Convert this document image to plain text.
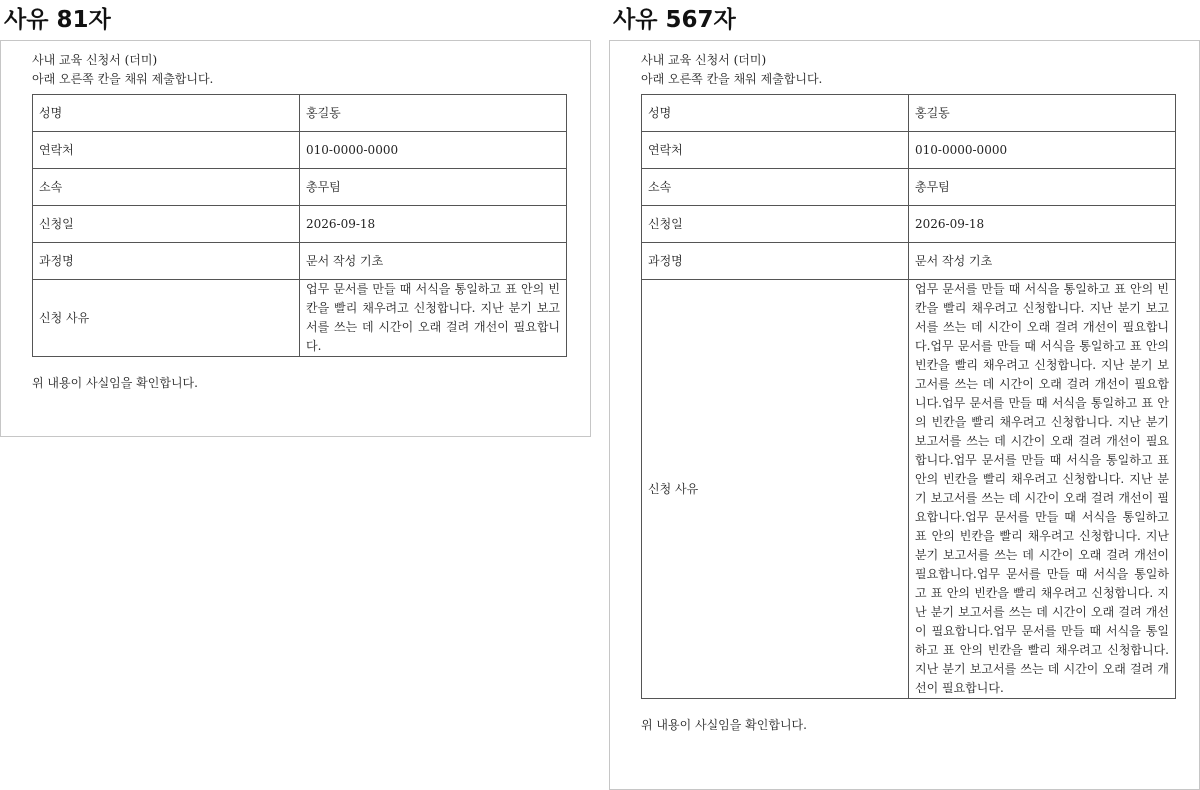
사유 81자

사내 교육 신청서 (더미)

아래 오른쪽 칸을 채워 제출합니다.

성명	홍길동
연락처	010-0000-0000
소속	총무팀
신청일	2026-09-18
과정명	문서 작성 기초
신청 사유	업무 문서를 만들 때 서식을 통일하고 표 안의 빈칸을 빨리 채우려고 신청합니다. 지난 분기 보고서를 쓰는 데 시간이 오래 걸려 개선이 필요합니다.

위 내용이 사실임을 확인합니다.

사유 567자

사내 교육 신청서 (더미)

아래 오른쪽 칸을 채워 제출합니다.

성명	홍길동
연락처	010-0000-0000
소속	총무팀
신청일	2026-09-18
과정명	문서 작성 기초
신청 사유	업무 문서를 만들 때 서식을 통일하고 표 안의 빈칸을 빨리 채우려고 신청합니다. 지난 분기 보고서를 쓰는 데 시간이 오래 걸려 개선이 필요합니다.업무 문서를 만들 때 서식을 통일하고 표 안의 빈칸을 빨리 채우려고 신청합니다. 지난 분기 보고서를 쓰는 데 시간이 오래 걸려 개선이 필요합니다.업무 문서를 만들 때 서식을 통일하고 표 안의 빈칸을 빨리 채우려고 신청합니다. 지난 분기 보고서를 쓰는 데 시간이 오래 걸려 개선이 필요합니다.업무 문서를 만들 때 서식을 통일하고 표 안의 빈칸을 빨리 채우려고 신청합니다. 지난 분기 보고서를 쓰는 데 시간이 오래 걸려 개선이 필요합니다.업무 문서를 만들 때 서식을 통일하고 표 안의 빈칸을 빨리 채우려고 신청합니다. 지난 분기 보고서를 쓰는 데 시간이 오래 걸려 개선이 필요합니다.업무 문서를 만들 때 서식을 통일하고 표 안의 빈칸을 빨리 채우려고 신청합니다. 지난 분기 보고서를 쓰는 데 시간이 오래 걸려 개선이 필요합니다.업무 문서를 만들 때 서식을 통일하고 표 안의 빈칸을 빨리 채우려고 신청합니다. 지난 분기 보고서를 쓰는 데 시간이 오래 걸려 개선이 필요합니다.

위 내용이 사실임을 확인합니다.
